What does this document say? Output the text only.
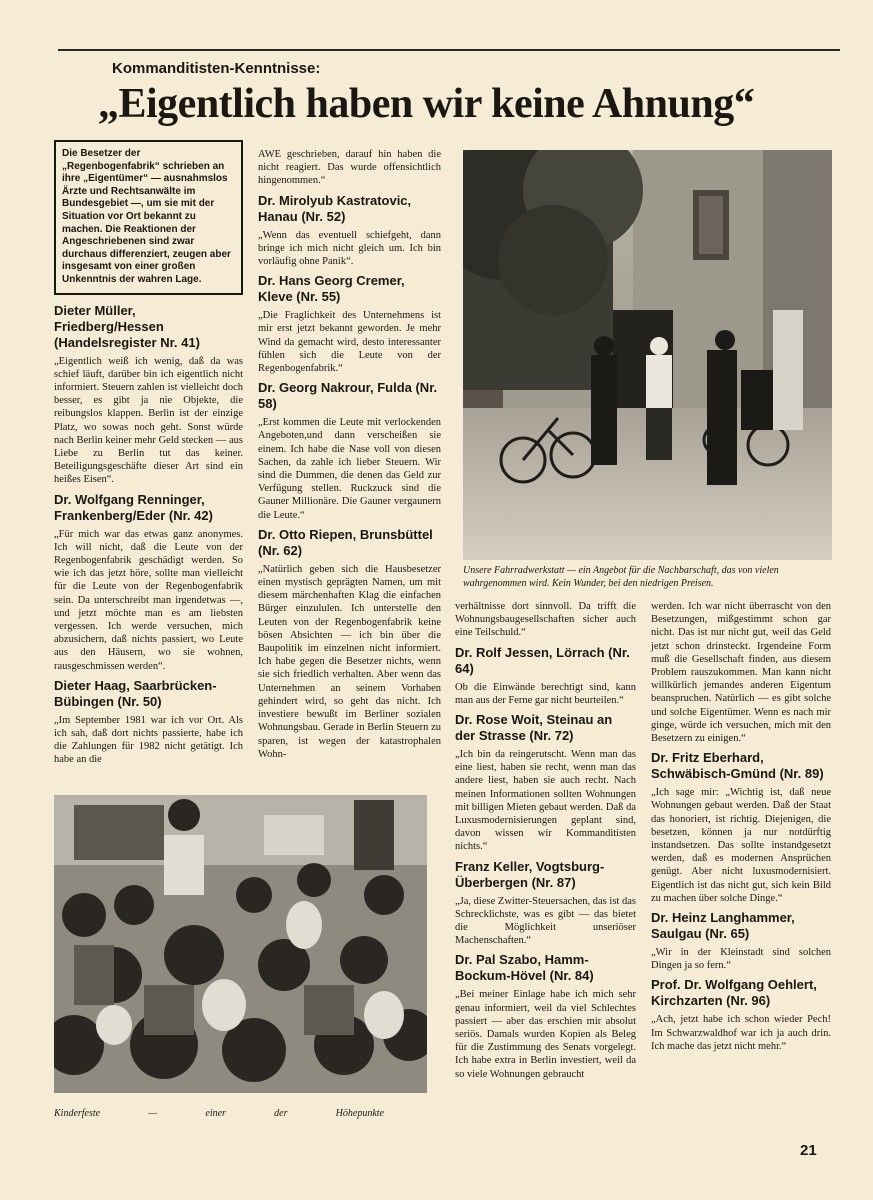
Kommanditisten-Kenntnisse:
„Eigentlich haben wir keine Ahnung“
Die Besetzer der „Regenbogenfabrik“ schrieben an ihre „Eigentümer“ — ausnahmslos Ärzte und Rechtsanwälte im Bundesgebiet —, um sie mit der Situation vor Ort bekannt zu machen. Die Reaktionen der Angeschriebenen sind zwar durchaus differenziert, zeugen aber insgesamt von einer großen Unkenntnis der wahren Lage.
Dieter Müller, Friedberg/Hessen (Handelsregister Nr. 41)

„Eigentlich weiß ich wenig, daß da was schief läuft, darüber bin ich eigentlich nicht informiert. Steuern zahlen ist vielleicht doch besser, es gibt ja nie Objekte, die reibungslos klappen. Berlin ist der einzige Platz, wo sowas noch geht. Sonst würde nach Berlin keiner mehr Geld stecken — aus Liebe zu Berlin tut das keiner. Beteiligungsgeschäfte dieser Art sind ein heißes Eisen“.

Dr. Wolfgang Renninger, Frankenberg/Eder (Nr. 42)

„Für mich war das etwas ganz anonymes. Ich will nicht, daß die Leute von der Regenbogenfabrik geschädigt werden. So wie ich das jetzt höre, sollte man vielleicht für die Leute von der Regenbogenfabrik sein. Da unterschreibt man irgendetwas —, und jetzt möchte man es am liebsten vergessen. Ich werde versuchen, mich abzusichern, daß nichts passiert, wo Leute aus den Häusern, wo sie wohnen, rausgeschmissen werden“.

Dieter Haag, Saarbrücken-Bübingen (Nr. 50)

„Im September 1981 war ich vor Ort. Als ich sah, daß dort nichts passierte, habe ich die Zahlungen für 1982 nicht getätigt. Ich habe an die

AWE geschrieben, darauf hin haben die nicht reagiert. Das wurde offensichtlich hingenommen.“

Dr. Mirolyub Kastratovic, Hanau (Nr. 52)

„Wenn das eventuell schiefgeht, dann bringe ich mich nicht gleich um. Ich bin vorläufig ohne Panik“.

Dr. Hans Georg Cremer, Kleve (Nr. 55)

„Die Fraglichkeit des Unternehmens ist mir erst jetzt bekannt geworden. Je mehr Wind da gemacht wird, desto interessanter fühlen sich die Leute von der Regenbogenfabrik.“

Dr. Georg Nakrour, Fulda (Nr. 58)

„Erst kommen die Leute mit verlockenden Angeboten,und dann verscheißen sie einem. Ich habe die Nase voll von diesen Sachen, da zahle ich lieber Steuern. Wir sind die Dummen, die denen das Geld zur Verfügung stellen. Ruckzuck sind die Gauner Millionäre. Die Gauner vergaunern die Leute.“

Dr. Otto Riepen, Brunsbüttel (Nr. 62)

„Natürlich geben sich die Hausbesetzer einen mystisch geprägten Namen, um mit diesem märchenhaften Klag die einfachen Bürger einzululen. Ich unterstelle den Leuten von der Regenbogenfabrik keine bösen Absichten — ich bin über die Baupolitik im einzelnen nicht informiert. Ich habe gegen die Besetzer nichts, wenn sie sich friedlich verhalten. Aber wenn das Unternehmen an seinem Vorhaben gehindert wird, so geht das nicht. Ich investiere bewußt im Berliner sozialen Wohnungsbau. Gerade in Berlin Steuern zu sparen, ist wegen der katastrophalen Wohn-

verhältnisse dort sinnvoll. Da trifft die Wohnungsbaugesellschaften sicher auch eine Teilschuld.“

Dr. Rolf Jessen, Lörrach (Nr. 64)

Ob die Einwände berechtigt sind, kann man aus der Ferne gar nicht beurteilen.“

Dr. Rose Woit, Steinau an der Strasse (Nr. 72)

„Ich bin da reingerutscht. Wenn man das eine liest, haben sie recht, wenn man das andere liest, haben sie auch recht. Nach meinen Informationen sollten Wohnungen mit billigen Mieten gebaut werden. Daß da Luxusmodernisierungen geplant sind, davon wissen wir Kommanditisten nichts.“

Franz Keller, Vogtsburg-Überbergen (Nr. 87)

„Ja, diese Zwitter-Steuersachen, das ist das Schrecklichste, was es gibt — das bietet die Möglichkeit unseriöser Machenschaften.“

Dr. Pal Szabo, Hamm-Bockum-Hövel (Nr. 84)

„Bei meiner Einlage habe ich mich sehr genau informiert, weil da viel Schlechtes passiert — aber das erschien mir absolut seriös. Damals wurden Kopien als Beleg für die Zustimmung des Senats vorgelegt. Ich habe extra in Berlin investiert, weil da so viele Wohnungen gebraucht

werden. Ich war nicht überrascht von den Besetzungen, mißgestimmt schon gar nicht. Das ist nur nicht gut, weil das Geld jetzt schon drinsteckt. Irgendeine Form muß die Gesellschaft finden, aus diesem Problem rauszukommen. Man kann nicht willkürlich jemandes anderen Eigentum beanspruchen. Natürlich — es gibt solche und solche Eigentümer. Wenn es nach mir ginge, würde ich versuchen, mich mit den Besetzern zu einigen.“

Dr. Fritz Eberhard, Schwäbisch-Gmünd (Nr. 89)

„Ich sage mir: „Wichtig ist, daß neue Wohnungen gebaut werden. Daß der Staat das honoriert, ist richtig. Diejenigen, die besetzen, können ja nur notdürftig instandsetzen. Das sollte instandgesetzt werden, daß es modernen Ansprüchen genügt. Aber nicht luxusmodernisiert. Eigentlich ist das nicht gut, sich kein Bild zu machen über solche Dinge.“

Dr. Heinz Langhammer, Saulgau (Nr. 65)

„Wir in der Kleinstadt sind solchen Dingen ja so fern.“

Prof. Dr. Wolfgang Oehlert, Kirchzarten (Nr. 96)

„Ach, jetzt habe ich schon wieder Pech! Im Schwarzwaldhof war ich ja auch drin. Ich mache das jetzt nicht mehr.“

Unsere Fahrradwerkstatt — ein Angebot für die Nachbarschaft, das von vielen wahrgenommen wird. Kein Wunder, bei den niedrigen Preisen.
Kinderfeste	—	einer	der	Höhepunkte
21
